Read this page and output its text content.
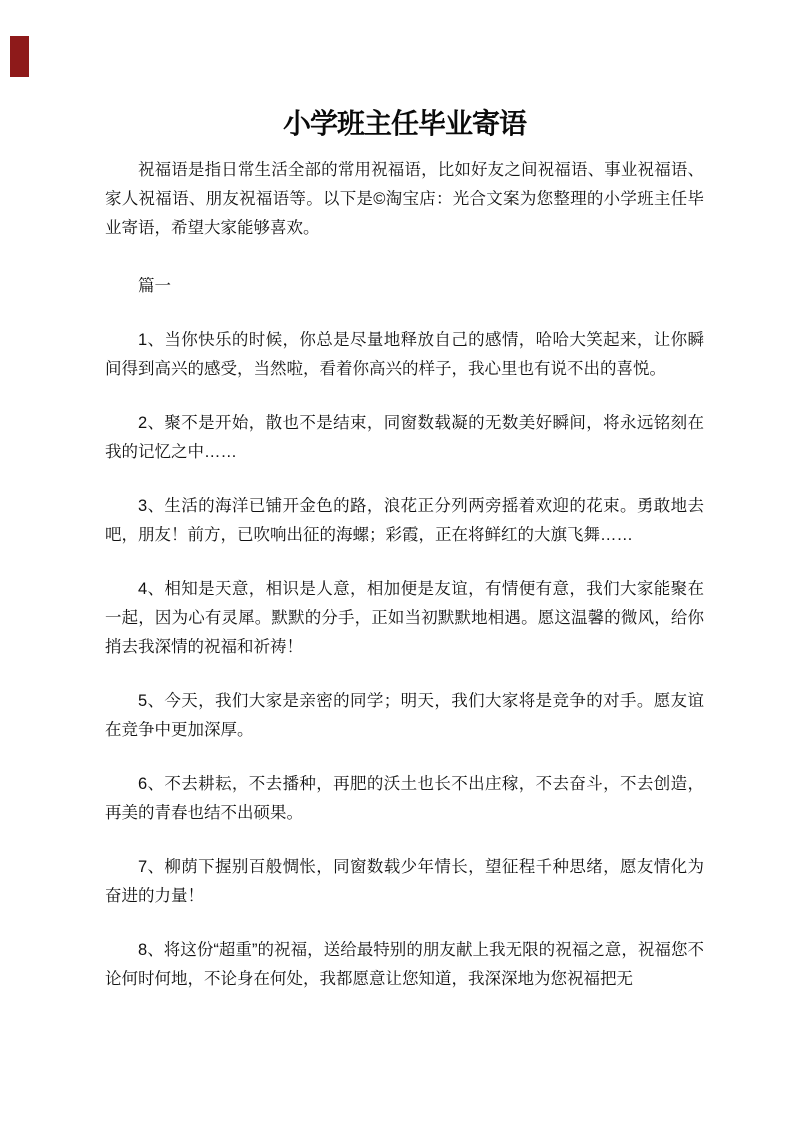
小学班主任毕业寄语

祝福语是指日常生活全部的常用祝福语，比如好友之间祝福语、事业祝福语、家人祝福语、朋友祝福语等。以下是©淘宝店：光合文案为您整理的小学班主任毕业寄语，希望大家能够喜欢。

篇一

1、当你快乐的时候，你总是尽量地释放自己的感情，哈哈大笑起来，让你瞬间得到高兴的感受，当然啦，看着你高兴的样子，我心里也有说不出的喜悦。

2、聚不是开始，散也不是结束，同窗数载凝的无数美好瞬间，将永远铭刻在我的记忆之中……

3、生活的海洋已铺开金色的路，浪花正分列两旁摇着欢迎的花束。勇敢地去吧，朋友！前方，已吹响出征的海螺；彩霞，正在将鲜红的大旗飞舞……

4、相知是天意，相识是人意，相加便是友谊，有情便有意，我们大家能聚在一起，因为心有灵犀。默默的分手，正如当初默默地相遇。愿这温馨的微风，给你捎去我深情的祝福和祈祷！

5、今天，我们大家是亲密的同学；明天，我们大家将是竞争的对手。愿友谊在竞争中更加深厚。

6、不去耕耘，不去播种，再肥的沃土也长不出庄稼，不去奋斗，不去创造，再美的青春也结不出硕果。

7、柳荫下握别百般惆怅，同窗数载少年情长，望征程千种思绪，愿友情化为奋进的力量！

8、将这份“超重”的祝福，送给最特别的朋友献上我无限的祝福之意，祝福您不论何时何地，不论身在何处，我都愿意让您知道，我深深地为您祝福把无
